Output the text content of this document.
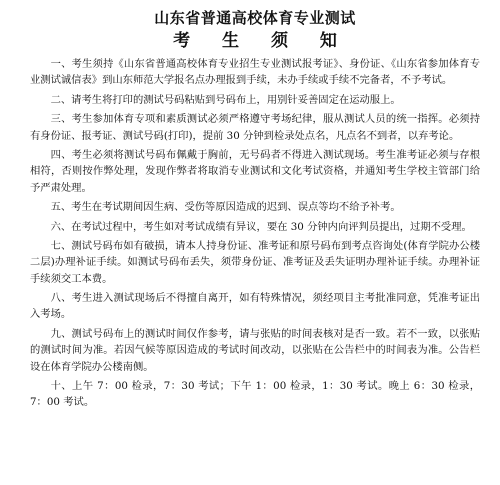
山东省普通高校体育专业测试
考 生 须 知

一、考生须持《山东省普通高校体育专业招生专业测试报考证》、身份证、《山东省参加体育专业测试诚信表》到山东师范大学报名点办理报到手续，未办手续或手续不完备者，不予考试。

二、请考生将打印的测试号码粘贴到号码布上，用别针妥善固定在运动服上。

三、考生参加体育专项和素质测试必须严格遵守考场纪律，服从测试人员的统一指挥。必须持有身份证、报考证、测试号码(打印)，提前 30 分钟到检录处点名，凡点名不到者，以弃考论。

四、考生必须将测试号码布佩戴于胸前，无号码者不得进入测试现场。考生准考证必须与存根相符，否则按作弊处理，发现作弊者将取消专业测试和文化考试资格，并通知考生学校主管部门给予严肃处理。

五、考生在考试期间因生病、受伤等原因造成的迟到、误点等均不给予补考。

六、在考试过程中，考生如对考试成绩有异议，要在 30 分钟内向评判员提出，过期不受理。

七、测试号码布如有破损，请本人持身份证、准考证和原号码布到考点咨询处(体育学院办公楼二层)办理补证手续。如测试号码布丢失，须带身份证、准考证及丢失证明办理补证手续。办理补证手续须交工本费。

八、考生进入测试现场后不得擅自离开，如有特殊情况，须经项目主考批准同意，凭准考证出入考场。

九、测试号码布上的测试时间仅作参考，请与张贴的时间表核对是否一致。若不一致，以张贴的测试时间为准。若因气候等原因造成的考试时间改动，以张贴在公告栏中的时间表为准。公告栏设在体育学院办公楼南侧。

十、上午 7：00 检录，7：30 考试；下午 1：00 检录，1：30 考试。晚上 6：30 检录，7：00 考试。
